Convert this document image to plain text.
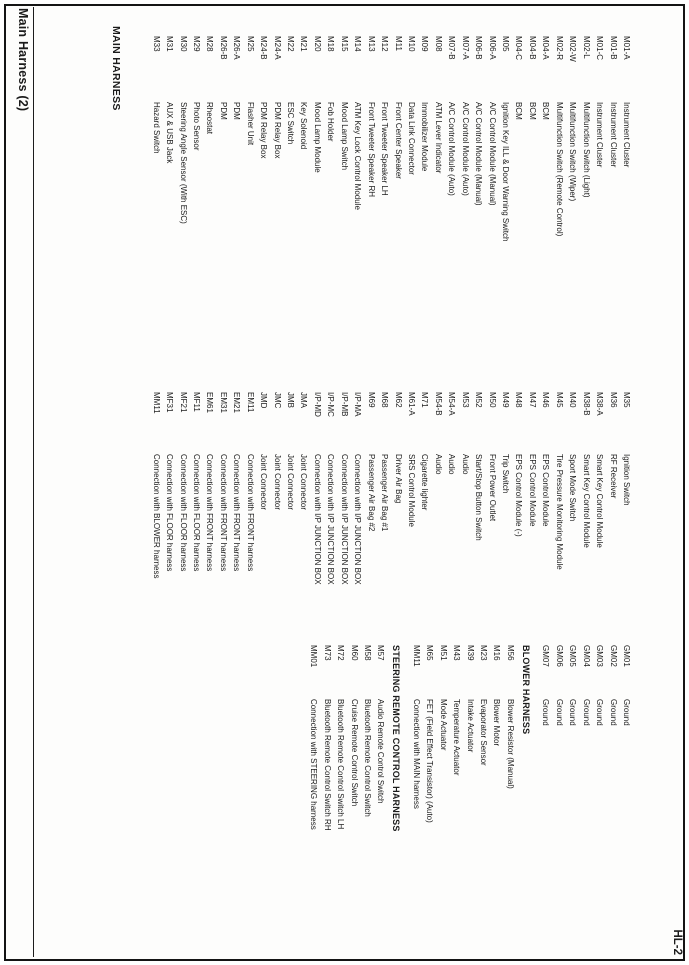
HL-2
Main Harness (2)	MAIN HARNESS	M01-A
Instrument Cluster
M35
Ignition Switch
M01-B
Instrument Cluster
M36
RF Receiver
M01-C
Instrument Cluster
M38-A
Smart Key Control Module
M02-L
Multifunction Switch (Light)
M38-B
Smart Key Control Module
M02-W
Multifunction Switch (Wiper)
M40
Sport Mode Switch
M02-R
Multifunction Switch (Remote Control)
M45
Tire Pressure Monitoring Module
M04-A
BCM
M46
EPS Control Module
M04-B
BCM
M47
EPS Control Module
M04-C
BCM
M48
EPS Control Module (-)
M05
Ignition Key ILL & Door Warning Switch
M49
Trip Switch
M06-A
A/C Control Module (Manual)
M50
Front Power Outlet
M06-B
A/C Control Module (Manual)
M52
Start/Stop Button Switch
M07-A
A/C Control Module (Auto)
M53
Audio
M07-B
A/C Control Module (Auto)
M54-A
Audio
M08
ATM Lever Indicator
M54-B
Audio
M09
Immobilizer Module
M71
Cigarette lighter
M10
Data Link Connector
M61-A
SRS Control Module
M11
Front Center Speaker
M62
Driver Air Bag
M12
Front Tweeter Speaker LH
M68
Passenger Air Bag #1
M13
Front Tweeter Speaker RH
M69
Passenger Air Bag #2
M14
ATM Key Lock Control Module
I/P-MA
Connection with I/P JUNCTION BOX
M15
Mood Lamp Switch
I/P-MB
Connection with I/P JUNCTION BOX
M18
Fob Holder
I/P-MC
Connection with I/P JUNCTION BOX
M20
Mood Lamp Module
I/P-MD
Connection with I/P JUNCTION BOX
M21
Key Solenoid
JMA
Joint Connector
M22
ESC Switch
JMB
Joint Connector
M24-A
PDM Relay Box
JMC
Joint Connector
M24-B
PDM Relay Box
JMD
Joint Connector
M25
Flasher Unit
EM11
Connection with FRONT harness
M26-A
PDM
EM21
Connection with FRONT harness
M26-B
PDM
EM31
Connection with FRONT harness
M28
Rheostat
EM61
Connection with FRONT harness
M29
Photo Sensor
MF11
Connection with FLOOR harness
M30
Steering Angle Sensor (With ESC)
MF21
Connection with FLOOR harness
M31
AUX & USB Jack
MF31
Connection with FLOOR harness
M33
Hazard Switch
MM11
Connection with BLOWER harness
GM01
Ground
GM02
Ground
GM03
Ground
GM04
Ground
GM05
Ground
GM06
Ground
GM07
Ground
BLOWER HARNESS
M56
Blower Resistor (Manual)
M16
Blower Motor
M23
Evaporator Sensor
M39
Intake Actuator
M43
Temperature Actuator
M51
Mode Actuator
M65
FET (Field Effect Transistor) (Auto)
MM11
Connection with MAIN harness
STEERING REMOTE CONTROL HARNESS
M57
Audio Remote Control Switch
M58
Bluetooth Remote Control Switch
M60
Cruise Remote Control Switch
M72
Bluetooth Remote Control Switch LH
M73
Bluetooth Remote Control Switch RH
MM01
Connection with STEERING harness
